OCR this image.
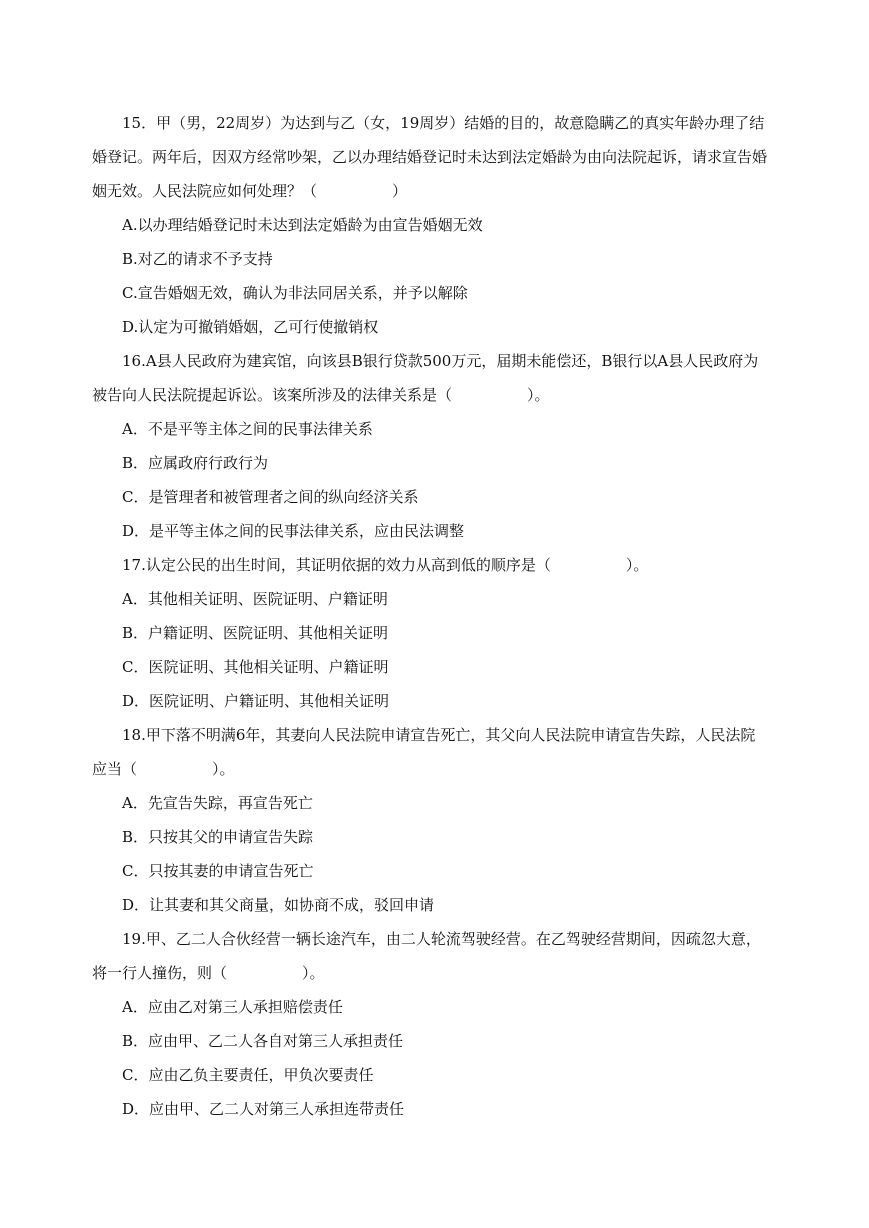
15．甲（男，22周岁）为达到与乙（女，19周岁）结婚的目的，故意隐瞒乙的真实年龄办理了结
婚登记。两年后，因双方经常吵架，乙以办理结婚登记时未达到法定婚龄为由向法院起诉，请求宣告婚
姻无效。人民法院应如何处理？（　　　　　）
A.以办理结婚登记时未达到法定婚龄为由宣告婚姻无效
B.对乙的请求不予支持
C.宣告婚姻无效，确认为非法同居关系，并予以解除
D.认定为可撤销婚姻，乙可行使撤销权
16.A县人民政府为建宾馆，向该县B银行贷款500万元，届期未能偿还，B银行以A县人民政府为
被告向人民法院提起诉讼。该案所涉及的法律关系是（　　　　　）。
A．不是平等主体之间的民事法律关系
B．应属政府行政行为
C．是管理者和被管理者之间的纵向经济关系
D．是平等主体之间的民事法律关系，应由民法调整
17.认定公民的出生时间，其证明依据的效力从高到低的顺序是（　　　　　）。
A．其他相关证明、医院证明、户籍证明
B．户籍证明、医院证明、其他相关证明
C．医院证明、其他相关证明、户籍证明
D．医院证明、户籍证明、其他相关证明
18.甲下落不明满6年，其妻向人民法院申请宣告死亡，其父向人民法院申请宣告失踪，人民法院
应当（　　　　　）。
A．先宣告失踪，再宣告死亡
B．只按其父的申请宣告失踪
C．只按其妻的申请宣告死亡
D．让其妻和其父商量，如协商不成，驳回申请
19.甲、乙二人合伙经营一辆长途汽车，由二人轮流驾驶经营。在乙驾驶经营期间，因疏忽大意，
将一行人撞伤，则（　　　　　）。
A．应由乙对第三人承担赔偿责任
B．应由甲、乙二人各自对第三人承担责任
C．应由乙负主要责任，甲负次要责任
D．应由甲、乙二人对第三人承担连带责任
